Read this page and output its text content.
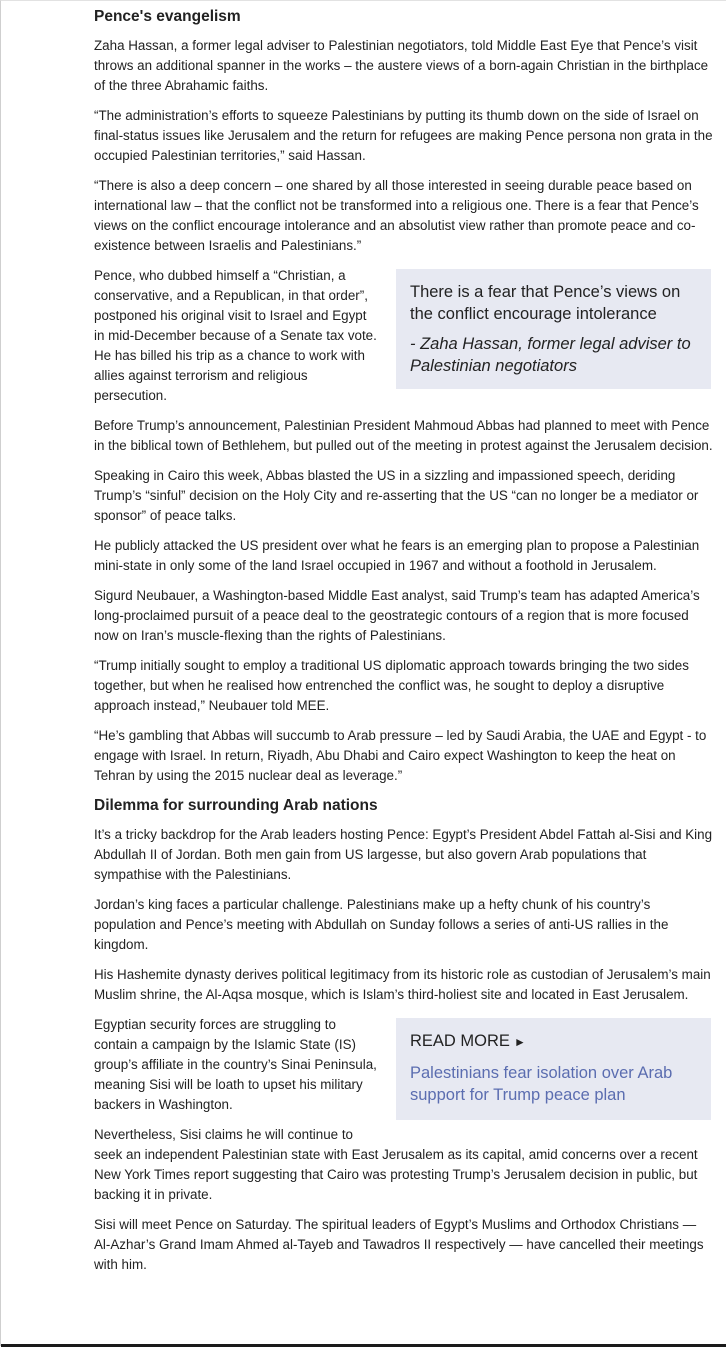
Pence's evangelism

Zaha Hassan, a former legal adviser to Palestinian negotiators, told Middle East Eye that Pence’s visit throws an additional spanner in the works – the austere views of a born-again Christian in the birthplace of the three Abrahamic faiths.

“The administration’s efforts to squeeze Palestinians by putting its thumb down on the side of Israel on final-status issues like Jerusalem and the return for refugees are making Pence persona non grata in the occupied Palestinian territories,” said Hassan.

“There is also a deep concern – one shared by all those interested in seeing durable peace based on international law – that the conflict not be transformed into a religious one. There is a fear that Pence’s views on the conflict encourage intolerance and an absolutist view rather than promote peace and co-existence between Israelis and Palestinians.”

There is a fear that Pence’s views on the conflict encourage intolerance

- Zaha Hassan, former legal adviser to Palestinian negotiators

Pence, who dubbed himself a “Christian, a conservative, and a Republican, in that order”, postponed his original visit to Israel and Egypt in mid-December because of a Senate tax vote. He has billed his trip as a chance to work with allies against terrorism and religious persecution.

Before Trump’s announcement, Palestinian President Mahmoud Abbas had planned to meet with Pence in the biblical town of Bethlehem, but pulled out of the meeting in protest against the Jerusalem decision.

Speaking in Cairo this week, Abbas blasted the US in a sizzling and impassioned speech, deriding Trump’s “sinful” decision on the Holy City and re-asserting that the US “can no longer be a mediator or sponsor” of peace talks.

He publicly attacked the US president over what he fears is an emerging plan to propose a Palestinian mini-state in only some of the land Israel occupied in 1967 and without a foothold in Jerusalem.

Sigurd Neubauer, a Washington-based Middle East analyst, said Trump’s team has adapted America’s long-proclaimed pursuit of a peace deal to the geostrategic contours of a region that is more focused now on Iran’s muscle-flexing than the rights of Palestinians.

“Trump initially sought to employ a traditional US diplomatic approach towards bringing the two sides together, but when he realised how entrenched the conflict was, he sought to deploy a disruptive approach instead,” Neubauer told MEE.

“He’s gambling that Abbas will succumb to Arab pressure – led by Saudi Arabia, the UAE and Egypt - to engage with Israel. In return, Riyadh, Abu Dhabi and Cairo expect Washington to keep the heat on Tehran by using the 2015 nuclear deal as leverage.”

Dilemma for surrounding Arab nations

It’s a tricky backdrop for the Arab leaders hosting Pence: Egypt’s President Abdel Fattah al-Sisi and King Abdullah II of Jordan. Both men gain from US largesse, but also govern Arab populations that sympathise with the Palestinians.

Jordan’s king faces a particular challenge. Palestinians make up a hefty chunk of his country’s population and Pence’s meeting with Abdullah on Sunday follows a series of anti-US rallies in the kingdom.

His Hashemite dynasty derives political legitimacy from its historic role as custodian of Jerusalem’s main Muslim shrine, the Al-Aqsa mosque, which is Islam’s third-holiest site and located in East Jerusalem.

READ MORE ►
Palestinians fear isolation over Arab support for Trump peace plan

Egyptian security forces are struggling to contain a campaign by the Islamic State (IS) group’s affiliate in the country’s Sinai Peninsula, meaning Sisi will be loath to upset his military backers in Washington.

Nevertheless, Sisi claims he will continue to seek an independent Palestinian state with East Jerusalem as its capital, amid concerns over a recent New York Times report suggesting that Cairo was protesting Trump’s Jerusalem decision in public, but backing it in private.

Sisi will meet Pence on Saturday. The spiritual leaders of Egypt’s Muslims and Orthodox Christians — Al-Azhar’s Grand Imam Ahmed al-Tayeb and Tawadros II respectively — have cancelled their meetings with him.
